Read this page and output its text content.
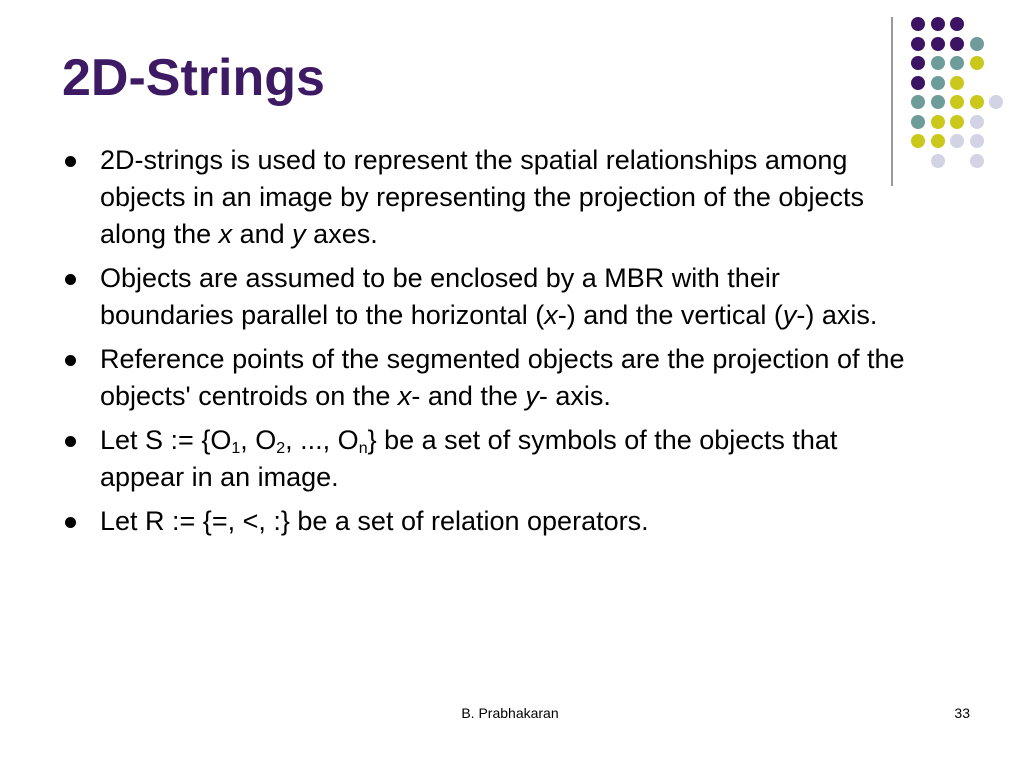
2D-Strings
2D-strings is used to represent the spatial relationships among objects in an image by representing the projection of the objects along the x and y axes.
Objects are assumed to be enclosed by a MBR with their boundaries parallel to the horizontal (x-) and the vertical (y-) axis.
Reference points of the segmented objects are the projection of the objects' centroids on the x- and the y- axis.
Let S := {$O_1$, $O_2$, ..., $O_n$} be a set of symbols of the objects that appear in an image.
Let R := {=, <, :} be a set of relation operators.
B. Prabhakaran	33
